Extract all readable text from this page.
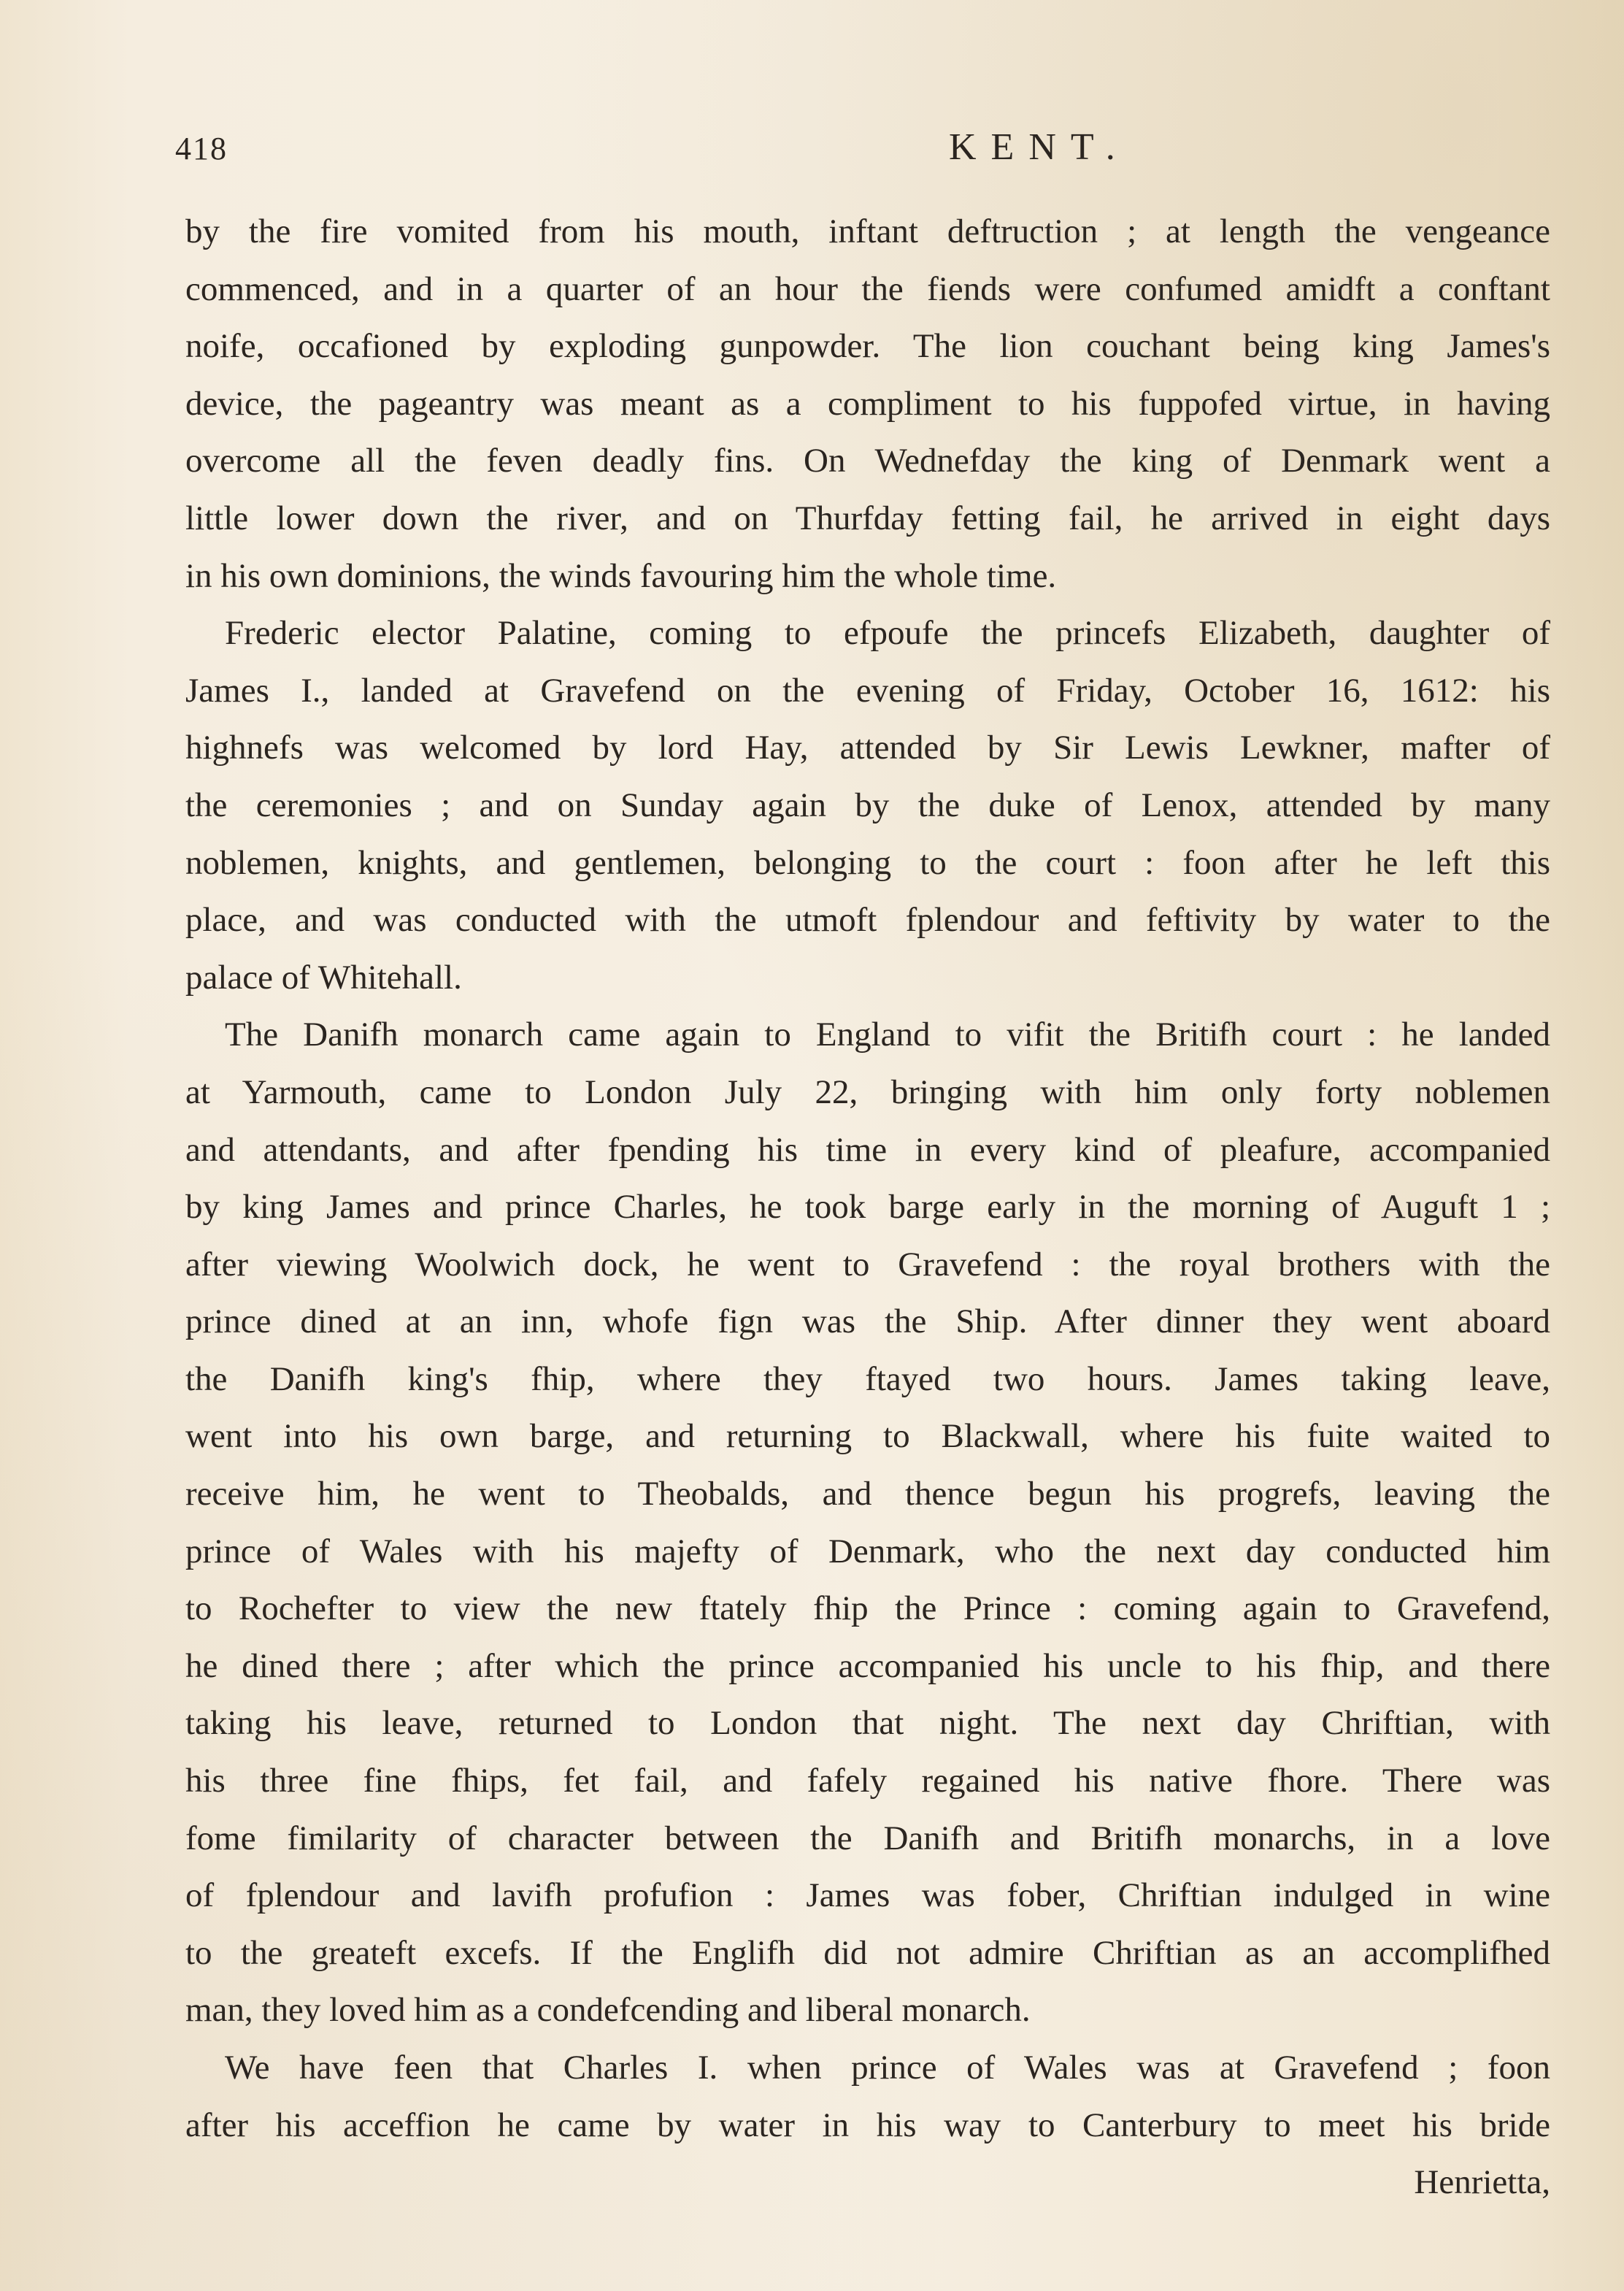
418	KENT.
by the fire vomited from his mouth, inftant deftruction ; at length the vengeance
commenced, and in a quarter of an hour the fiends were confumed amidft a conftant
noife, occafioned by exploding gunpowder. The lion couchant being king James's
device, the pageantry was meant as a compliment to his fuppofed virtue, in having
overcome all the feven deadly fins. On Wednefday the king of Denmark went a
little lower down the river, and on Thurfday fetting fail, he arrived in eight days
in his own dominions, the winds favouring him the whole time.
Frederic elector Palatine, coming to efpoufe the princefs Elizabeth, daughter of
James I., landed at Gravefend on the evening of Friday, October 16, 1612: his
highnefs was welcomed by lord Hay, attended by Sir Lewis Lewkner, mafter of
the ceremonies ; and on Sunday again by the duke of Lenox, attended by many
noblemen, knights, and gentlemen, belonging to the court : foon after he left this
place, and was conducted with the utmoft fplendour and feftivity by water to the
palace of Whitehall.
The Danifh monarch came again to England to vifit the Britifh court : he landed
at Yarmouth, came to London July 22, bringing with him only forty noblemen
and attendants, and after fpending his time in every kind of pleafure, accompanied
by king James and prince Charles, he took barge early in the morning of Auguft 1 ;
after viewing Woolwich dock, he went to Gravefend : the royal brothers with the
prince dined at an inn, whofe fign was the Ship. After dinner they went aboard
the Danifh king's fhip, where they ftayed two hours. James taking leave,
went into his own barge, and returning to Blackwall, where his fuite waited to
receive him, he went to Theobalds, and thence begun his progrefs, leaving the
prince of Wales with his majefty of Denmark, who the next day conducted him
to Rochefter to view the new ftately fhip the Prince : coming again to Gravefend,
he dined there ; after which the prince accompanied his uncle to his fhip, and there
taking his leave, returned to London that night. The next day Chriftian, with
his three fine fhips, fet fail, and fafely regained his native fhore. There was
fome fimilarity of character between the Danifh and Britifh monarchs, in a love
of fplendour and lavifh profufion : James was fober, Chriftian indulged in wine
to the greateft excefs. If the Englifh did not admire Chriftian as an accomplifhed
man, they loved him as a condefcending and liberal monarch.
We have feen that Charles I. when prince of Wales was at Gravefend ; foon
after his acceffion he came by water in his way to Canterbury to meet his bride
Henrietta,
